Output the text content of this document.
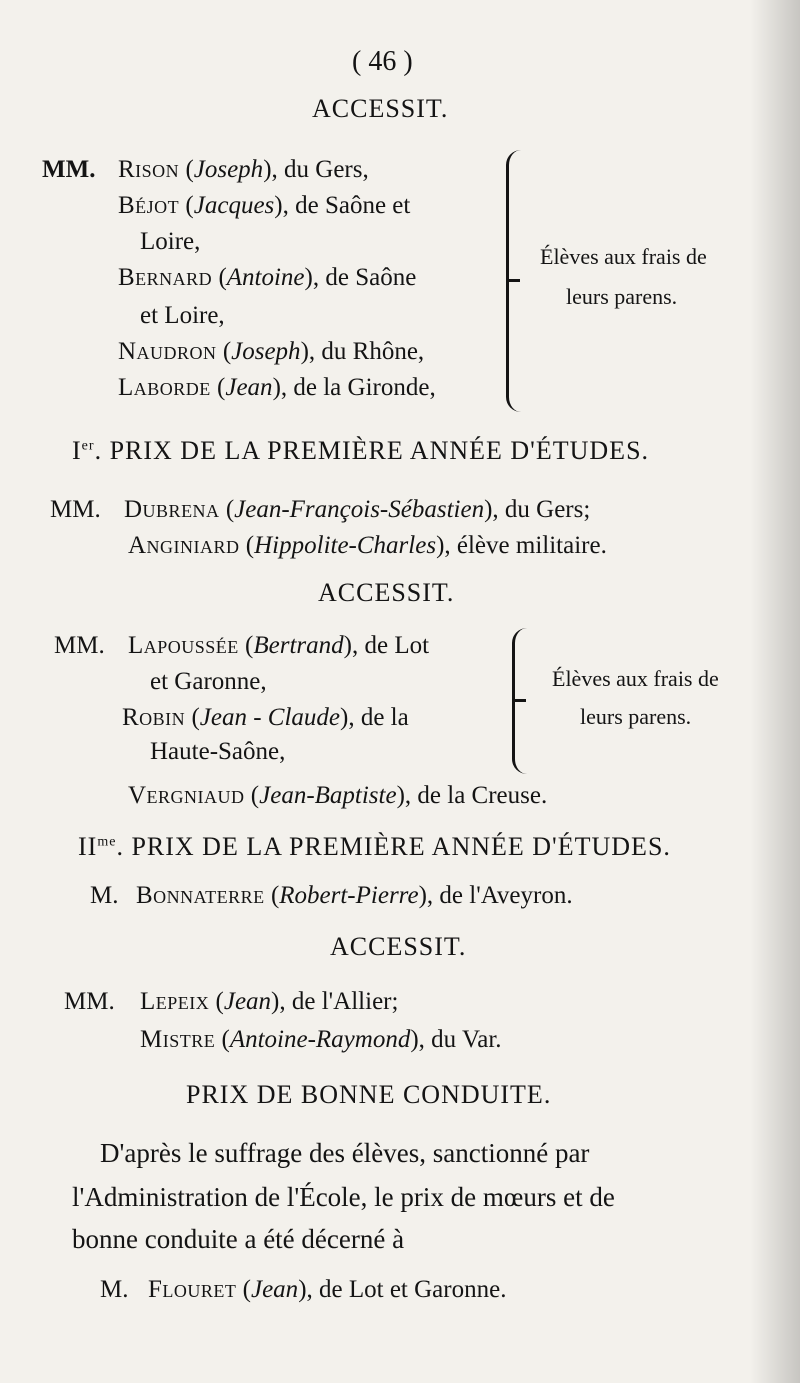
( 46 )
ACCESSIT.
MM. Rison (Joseph), du Gers,
Béjot (Jacques), de Saône et
Loire,
Bernard (Antoine), de Saône
et Loire,
Naudron (Joseph), du Rhône,
Laborde (Jean), de la Gironde,
Élèves aux frais de
leurs parens.
Ier. PRIX DE LA PREMIÈRE ANNÉE D'ÉTUDES.
MM. Dubrena (Jean-François-Sébastien), du Gers;
Anginiard (Hippolite-Charles), élève militaire.
ACCESSIT.
MM. Lapoussée (Bertrand), de Lot
et Garonne,
Robin (Jean - Claude), de la
Haute-Saône,
Vergniaud (Jean-Baptiste), de la Creuse.
Élèves aux frais de
leurs parens.
$II^{me}$. PRIX DE LA PREMIÈRE ANNÉE D'ÉTUDES.
M. Bonnaterre (Robert-Pierre), de l'Aveyron.
ACCESSIT.
MM. Lepeix (Jean), de l'Allier;
Mistre (Antoine-Raymond), du Var.
PRIX DE BONNE CONDUITE.
D'après le suffrage des élèves, sanctionné par
l'Administration de l'École, le prix de mœurs et de
bonne conduite a été décerné à
M. Flouret (Jean), de Lot et Garonne.
